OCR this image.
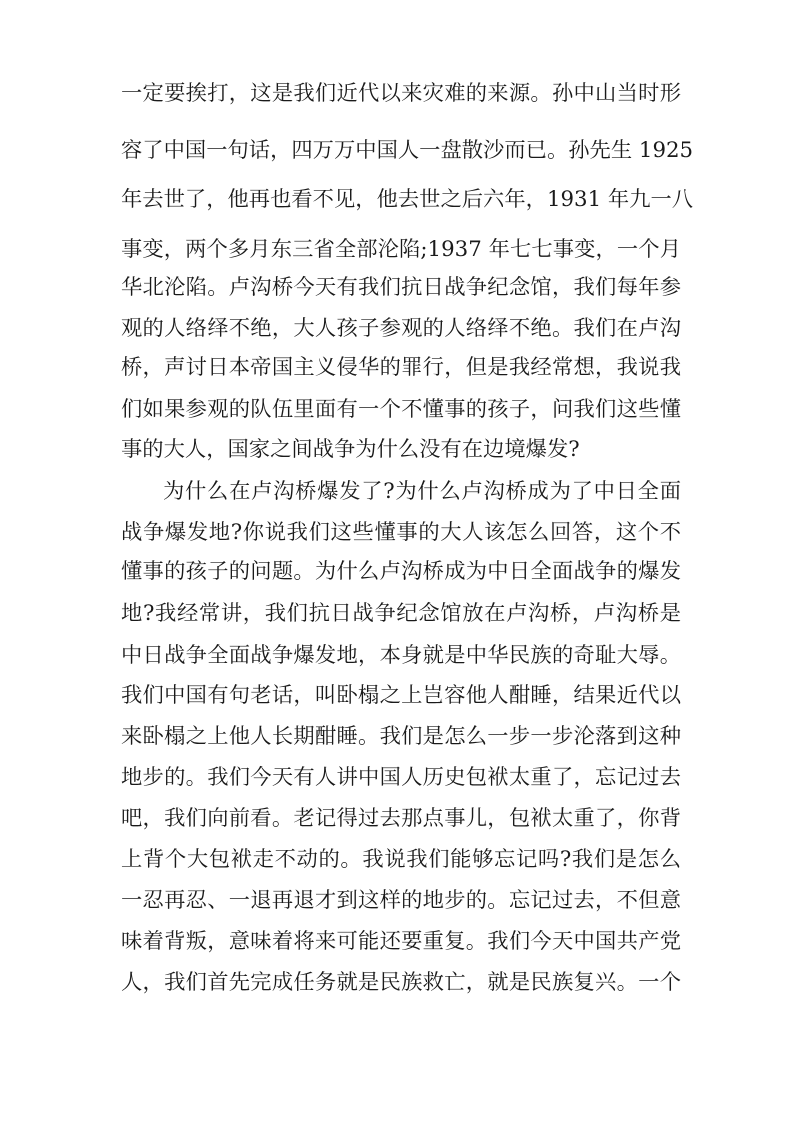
一定要挨打，这是我们近代以来灾难的来源。孙中山当时形
容了中国一句话，四万万中国人一盘散沙而已。孙先生 1925
年去世了，他再也看不见，他去世之后六年，1931 年九一八
事变，两个多月东三省全部沦陷;1937 年七七事变，一个月
华北沦陷。卢沟桥今天有我们抗日战争纪念馆，我们每年参
观的人络绎不绝，大人孩子参观的人络绎不绝。我们在卢沟
桥，声讨日本帝国主义侵华的罪行，但是我经常想，我说我
们如果参观的队伍里面有一个不懂事的孩子，问我们这些懂
事的大人，国家之间战争为什么没有在边境爆发?
为什么在卢沟桥爆发了?为什么卢沟桥成为了中日全面
战争爆发地?你说我们这些懂事的大人该怎么回答，这个不
懂事的孩子的问题。为什么卢沟桥成为中日全面战争的爆发
地?我经常讲，我们抗日战争纪念馆放在卢沟桥，卢沟桥是
中日战争全面战争爆发地，本身就是中华民族的奇耻大辱。
我们中国有句老话，叫卧榻之上岂容他人酣睡，结果近代以
来卧榻之上他人长期酣睡。我们是怎么一步一步沦落到这种
地步的。我们今天有人讲中国人历史包袱太重了，忘记过去
吧，我们向前看。老记得过去那点事儿，包袱太重了，你背
上背个大包袱走不动的。我说我们能够忘记吗?我们是怎么
一忍再忍、一退再退才到这样的地步的。忘记过去，不但意
味着背叛，意味着将来可能还要重复。我们今天中国共产党
人，我们首先完成任务就是民族救亡，就是民族复兴。一个
